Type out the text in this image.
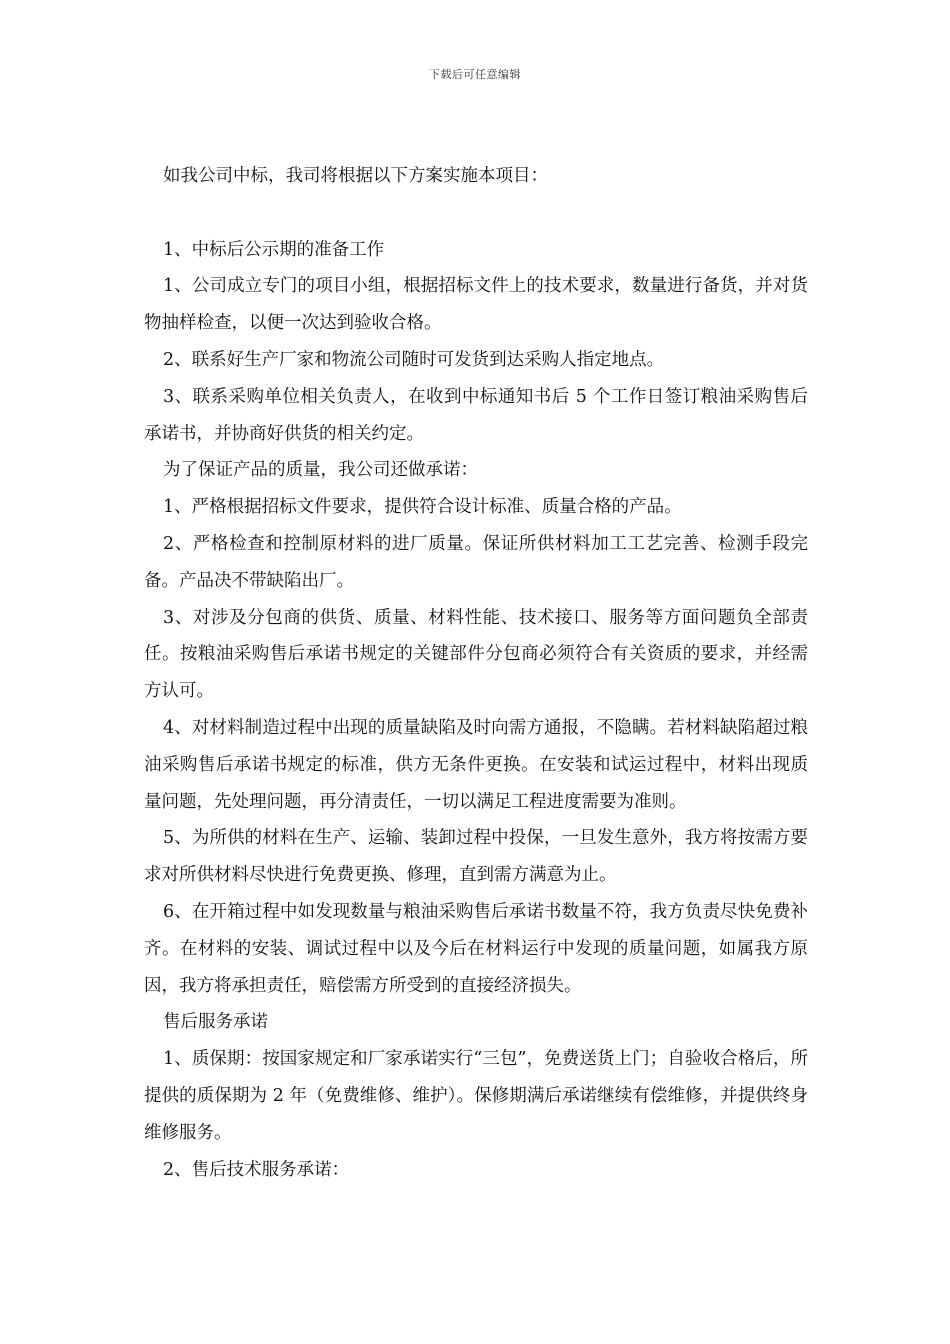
下载后可任意编辑

如我公司中标，我司将根据以下方案实施本项目：

1、中标后公示期的准备工作

1、公司成立专门的项目小组，根据招标文件上的技术要求，数量进行备货，并对货物抽样检查，以便一次达到验收合格。

2、联系好生产厂家和物流公司随时可发货到达采购人指定地点。

3、联系采购单位相关负责人，在收到中标通知书后 5 个工作日签订粮油采购售后承诺书，并协商好供货的相关约定。

为了保证产品的质量，我公司还做承诺：

1、严格根据招标文件要求，提供符合设计标准、质量合格的产品。

2、严格检查和控制原材料的进厂质量。保证所供材料加工工艺完善、检测手段完备。产品决不带缺陷出厂。

3、对涉及分包商的供货、质量、材料性能、技术接口、服务等方面问题负全部责任。按粮油采购售后承诺书规定的关键部件分包商必须符合有关资质的要求，并经需方认可。

4、对材料制造过程中出现的质量缺陷及时向需方通报，不隐瞒。若材料缺陷超过粮油采购售后承诺书规定的标准，供方无条件更换。在安装和试运过程中，材料出现质量问题，先处理问题，再分清责任，一切以满足工程进度需要为准则。

5、为所供的材料在生产、运输、装卸过程中投保，一旦发生意外，我方将按需方要求对所供材料尽快进行免费更换、修理，直到需方满意为止。

6、在开箱过程中如发现数量与粮油采购售后承诺书数量不符，我方负责尽快免费补齐。在材料的安装、调试过程中以及今后在材料运行中发现的质量问题，如属我方原因，我方将承担责任，赔偿需方所受到的直接经济损失。

售后服务承诺

1、质保期：按国家规定和厂家承诺实行“三包”，免费送货上门；自验收合格后，所提供的质保期为 2 年（免费维修、维护）。保修期满后承诺继续有偿维修，并提供终身维修服务。

2、售后技术服务承诺：
